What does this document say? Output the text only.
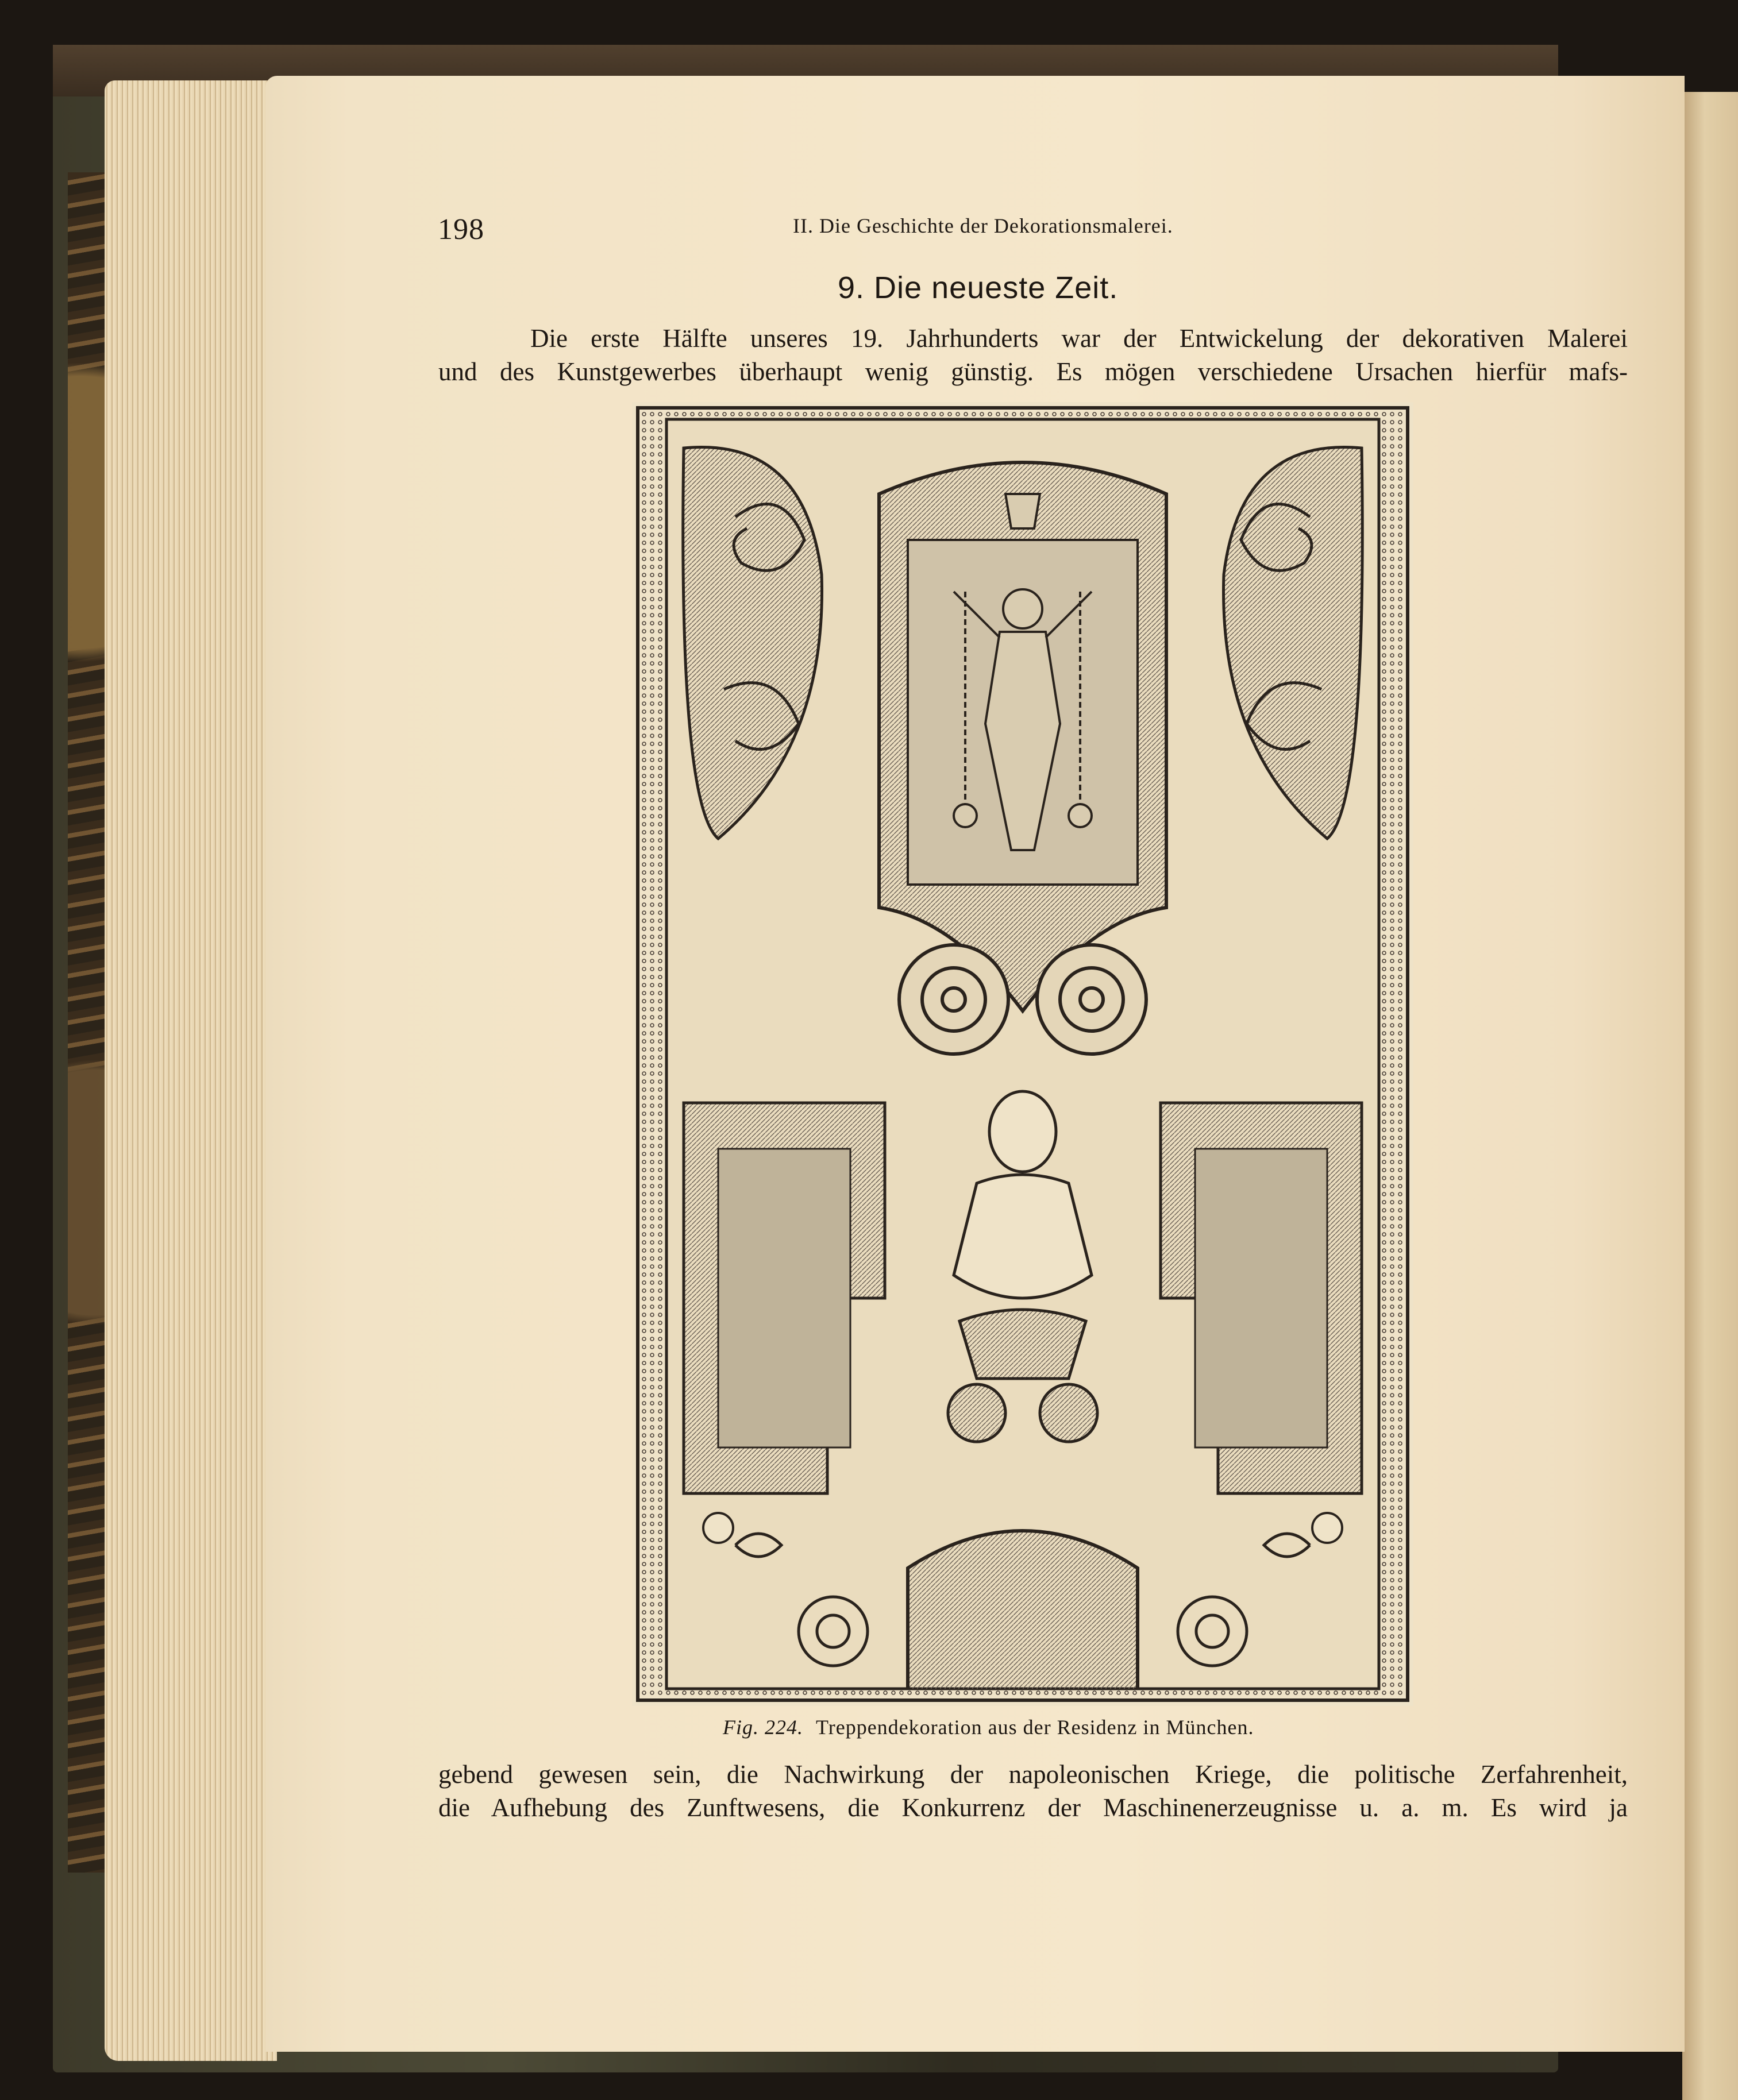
198	II. Die Geschichte der Dekorationsmalerei.
9. Die neueste Zeit.

Die erste Hälfte unseres 19. Jahrhunderts war der Entwickelung der dekorativen Malerei
und des Kunstgewerbes überhaupt wenig günstig. Es mögen verschiedene Ursachen hierfür mafs-

Fig. 224. Treppendekoration aus der Residenz in München.

gebend gewesen sein, die Nachwirkung der napoleonischen Kriege, die politische Zerfahrenheit,
die Aufhebung des Zunftwesens, die Konkurrenz der Maschinenerzeugnisse u. a. m. Es wird ja
